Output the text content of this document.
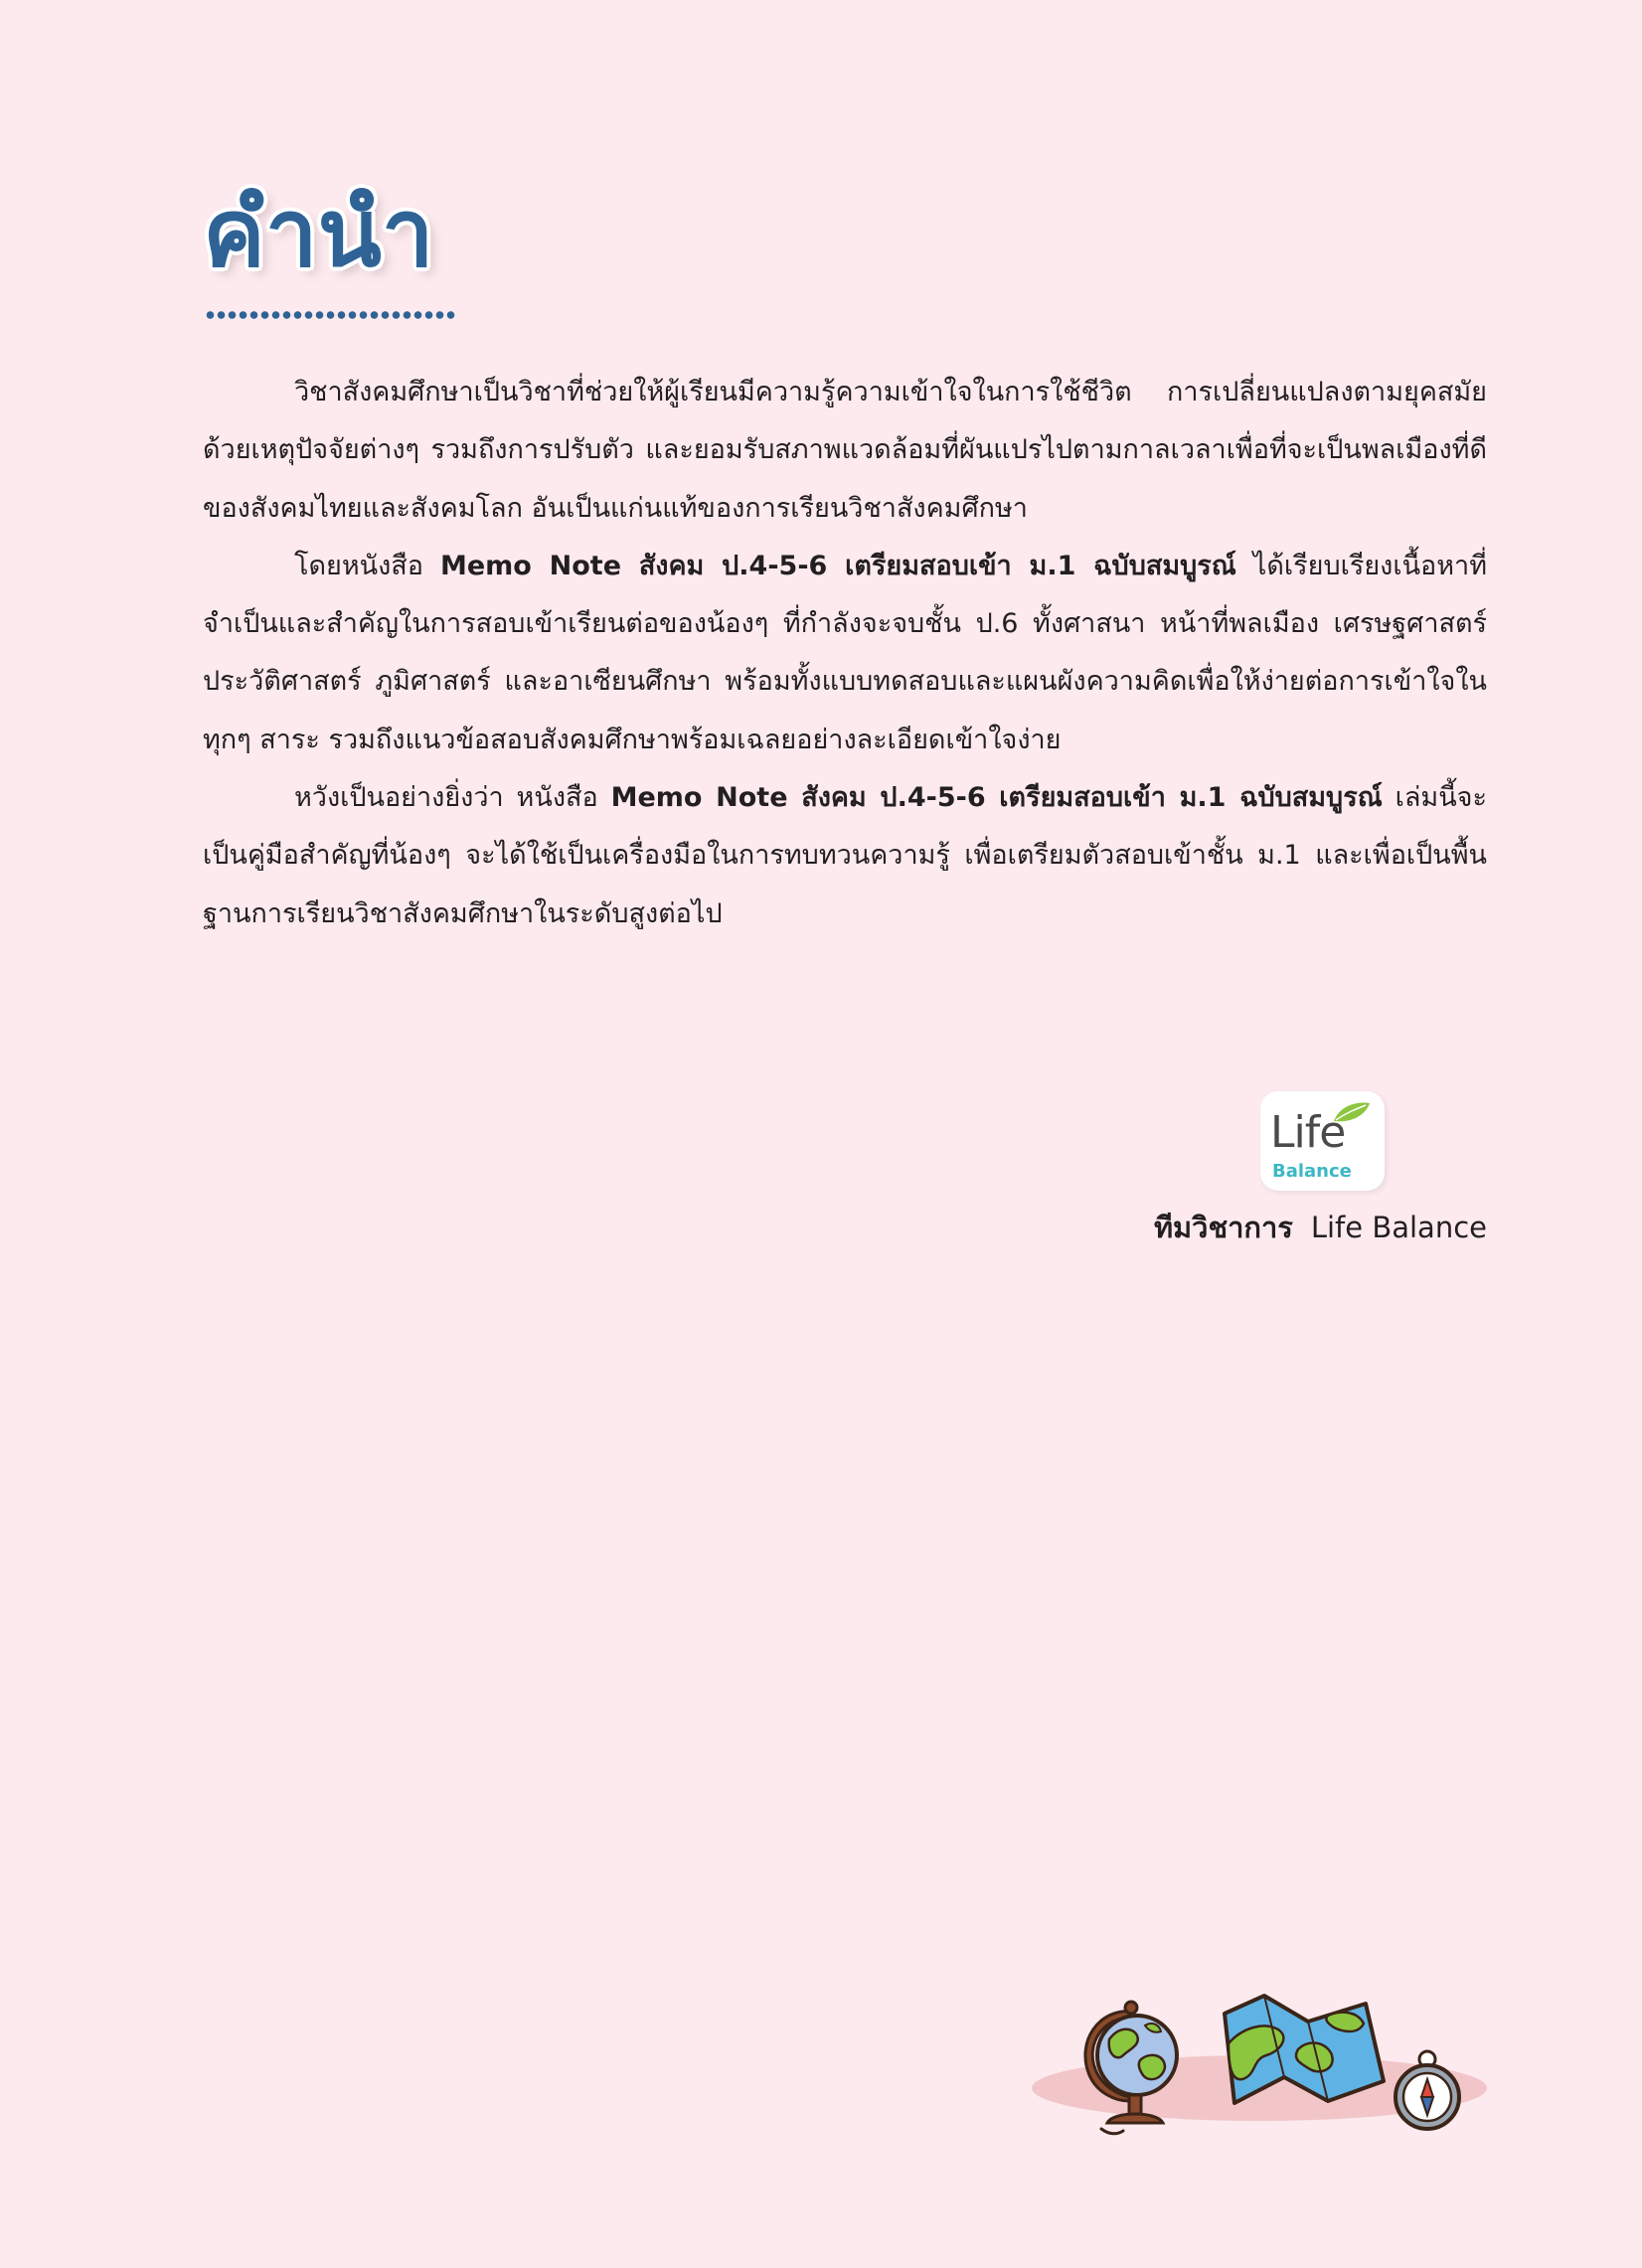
คำนำ

วิชาสังคมศึกษาเป็นวิชาที่ช่วยให้ผู้เรียนมีความรู้ความเข้าใจในการใช้ชีวิต การเปลี่ยนแปลงตามยุคสมัยด้วยเหตุปัจจัยต่างๆ รวมถึงการปรับตัว และยอมรับสภาพแวดล้อมที่ผันแปรไปตามกาลเวลาเพื่อที่จะเป็นพลเมืองที่ดีของสังคมไทยและสังคมโลก อันเป็นแก่นแท้ของการเรียนวิชาสังคมศึกษา

โดยหนังสือ Memo Note สังคม ป.4-5-6 เตรียมสอบเข้า ม.1 ฉบับสมบูรณ์ ได้เรียบเรียงเนื้อหาที่จำเป็นและสำคัญในการสอบเข้าเรียนต่อของน้องๆ ที่กำลังจะจบชั้น ป.6 ทั้งศาสนา หน้าที่พลเมือง เศรษฐศาสตร์ ประวัติศาสตร์ ภูมิศาสตร์ และอาเซียนศึกษา พร้อมทั้งแบบทดสอบและแผนผังความคิดเพื่อให้ง่ายต่อการเข้าใจในทุกๆ สาระ รวมถึงแนวข้อสอบสังคมศึกษาพร้อมเฉลยอย่างละเอียดเข้าใจง่าย

หวังเป็นอย่างยิ่งว่า หนังสือ Memo Note สังคม ป.4-5-6 เตรียมสอบเข้า ม.1 ฉบับสมบูรณ์ เล่มนี้จะเป็นคู่มือสำคัญที่น้องๆ จะได้ใช้เป็นเครื่องมือในการทบทวนความรู้ เพื่อเตรียมตัวสอบเข้าชั้น ม.1 และเพื่อเป็นพื้นฐานการเรียนวิชาสังคมศึกษาในระดับสูงต่อไป

Life
Balance
ทีมวิชาการ Life Balance
